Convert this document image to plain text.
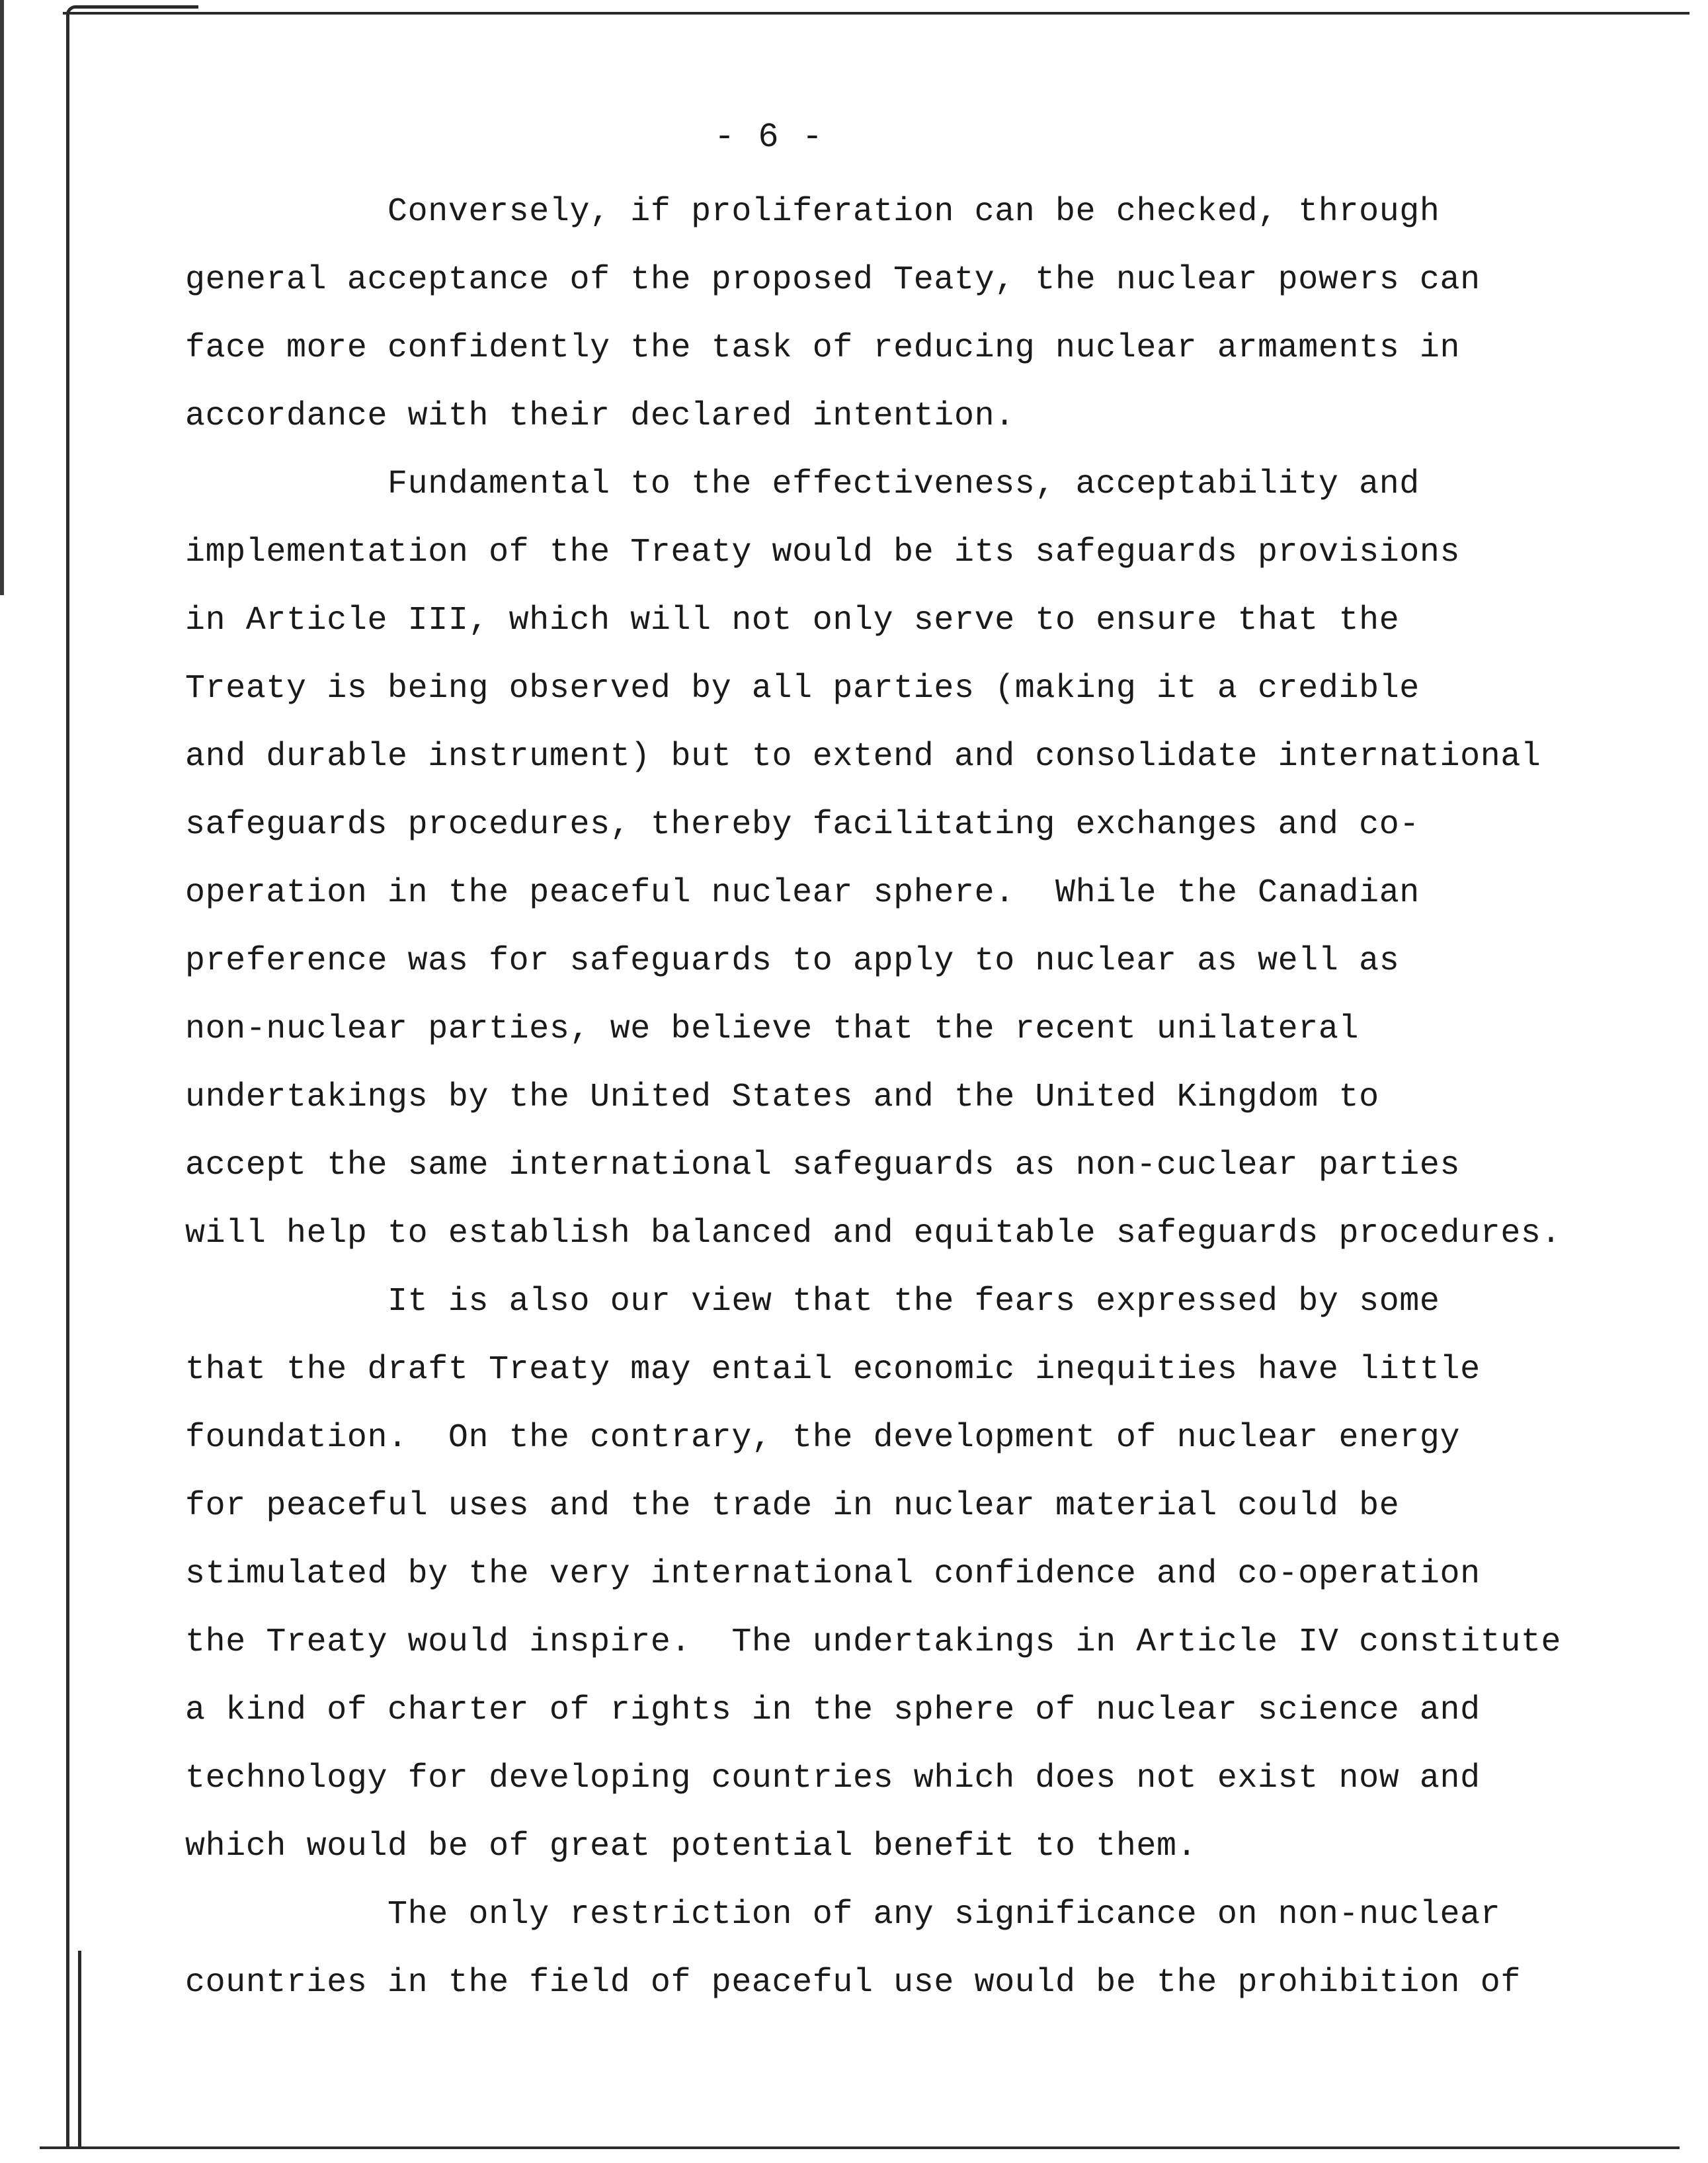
- 6 -
Conversely, if proliferation can be checked, through
general acceptance of the proposed Teaty, the nuclear powers can
face more confidently the task of reducing nuclear armaments in
accordance with their declared intention.
Fundamental to the effectiveness, acceptability and
implementation of the Treaty would be its safeguards provisions
in Article III, which will not only serve to ensure that the
Treaty is being observed by all parties (making it a credible
and durable instrument) but to extend and consolidate international
safeguards procedures, thereby facilitating exchanges and co-
operation in the peaceful nuclear sphere.  While the Canadian
preference was for safeguards to apply to nuclear as well as
non-nuclear parties, we believe that the recent unilateral
undertakings by the United States and the United Kingdom to
accept the same international safeguards as non-cuclear parties
will help to establish balanced and equitable safeguards procedures.
It is also our view that the fears expressed by some
that the draft Treaty may entail economic inequities have little
foundation.  On the contrary, the development of nuclear energy
for peaceful uses and the trade in nuclear material could be
stimulated by the very international confidence and co-operation
the Treaty would inspire.  The undertakings in Article IV constitute
a kind of charter of rights in the sphere of nuclear science and
technology for developing countries which does not exist now and
which would be of great potential benefit to them.
The only restriction of any significance on non-nuclear
countries in the field of peaceful use would be the prohibition of
